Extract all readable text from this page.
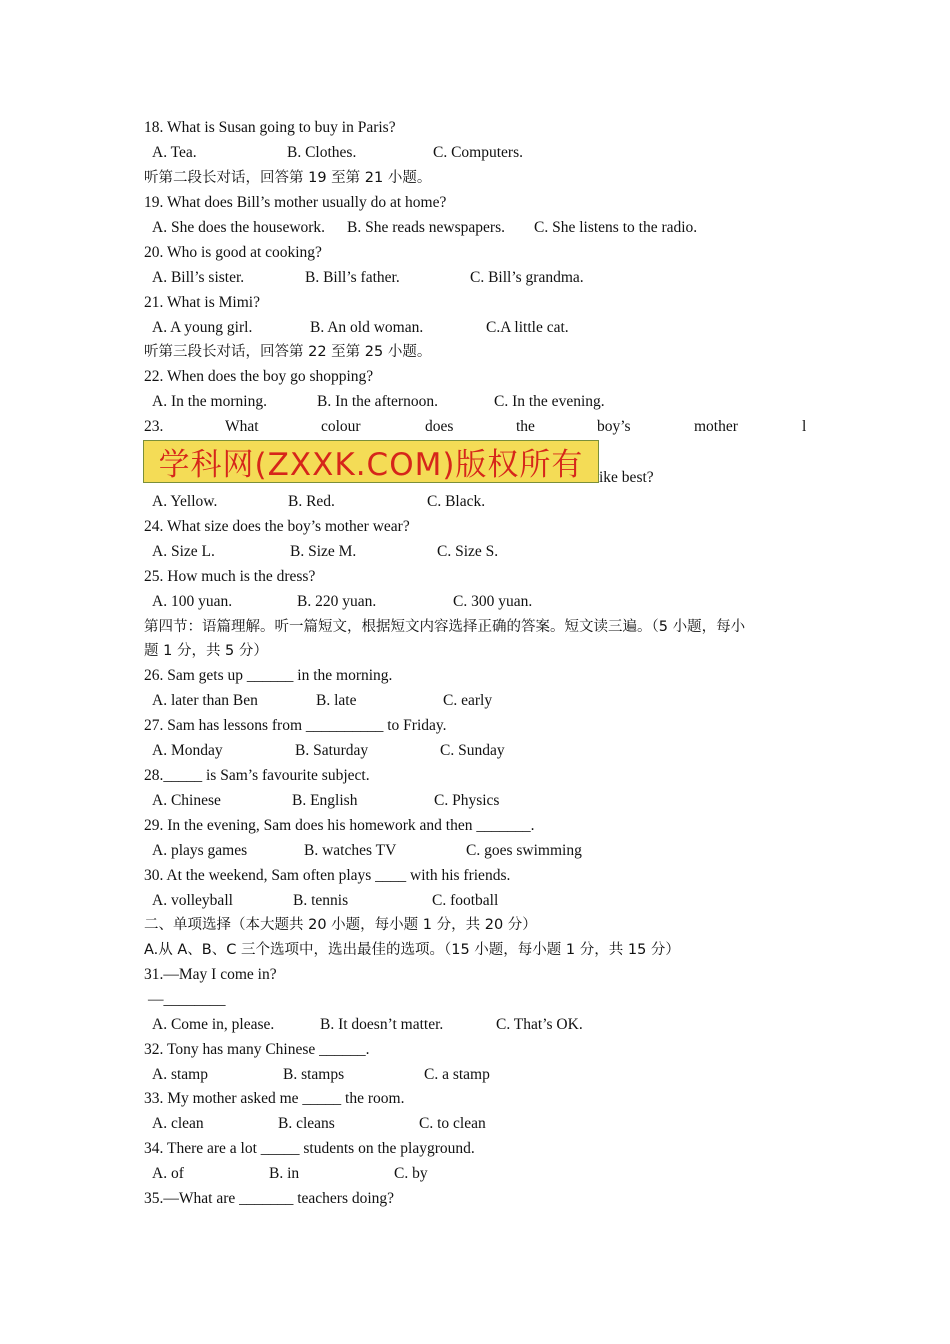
18. What is Susan going to buy in Paris?
听第二段长对话，回答第 19 至第 21 小题。
19. What does Bill’s mother usually do at home?
20. Who is good at cooking?
21. What is Mimi?
听第三段长对话，回答第 22 至第 25 小题。
22. When does the boy go shopping?
23.	What	colour	does	the	boy’s	mother	l
学科网(ZXXK.COM)版权所有 ike best?
24. What size does the boy’s mother wear?
25. How much is the dress?
第四节：语篇理解。听一篇短文，根据短文内容选择正确的答案。短文读三遍。（5 小题，每小
题 1 分，共 5 分）
26. Sam gets up ______ in the morning.
27. Sam has lessons from __________ to Friday.
28._____ is Sam’s favourite subject.
29. In the evening, Sam does his homework and then _______.
30. At the weekend, Sam often plays ____ with his friends.
二、单项选择（本大题共 20 小题，每小题 1 分，共 20 分）
A.从 A、B、C 三个选项中，选出最佳的选项。（15 小题，每小题 1 分，共 15 分）
31.—May I come in?
—________
32. Tony has many Chinese ______.
33. My mother asked me _____ the room.
34. There are a lot _____ students on the playground.
35.—What are _______ teachers doing?
A. Tea.	B. Clothes.	C. Computers.
A. She does the housework. B. She reads newspapers. C. She listens to the radio.
A. Bill’s sister.	B. Bill’s father.	C. Bill’s grandma.
A. A young girl.	B. An old woman.	C.A little cat.
A. In the morning.	B. In the afternoon.	C. In the evening.
A. Yellow.	B. Red.	C. Black.
A. Size L.	B. Size M.	C. Size S.
A. 100 yuan.	B. 220 yuan.	C. 300 yuan.
A. later than Ben	B. late	C. early
A. Monday	B. Saturday	C. Sunday
A. Chinese	B. English	C. Physics
A. plays games	B. watches TV	C. goes swimming
A. volleyball	B. tennis	C. football
A. Come in, please.	B. It doesn’t matter.	C. That’s OK.
A. stamp	B. stamps	C. a stamp
A. clean	B. cleans	C. to clean
A. of	B. in	C. by
